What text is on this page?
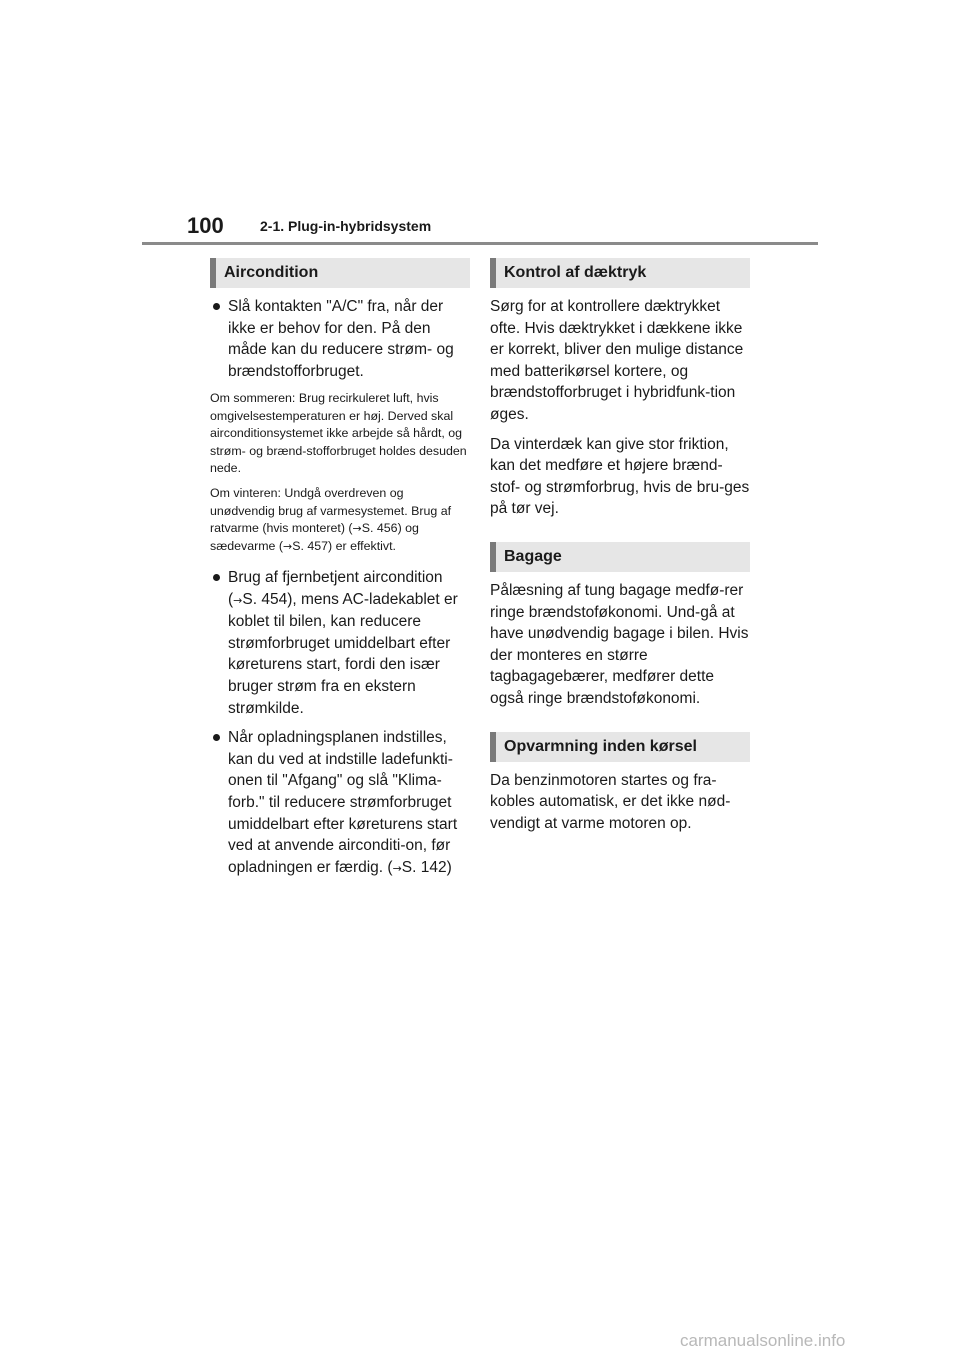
100	2-1. Plug-in-hybridsystem
Aircondition
Slå kontakten "A/C" fra, når der ikke er behov for den. På den måde kan du reducere strøm- og brændstofforbruget.
Om sommeren: Brug recirkuleret luft, hvis omgivelsestemperaturen er høj. Derved skal airconditionsystemet ikke arbejde så hårdt, og strøm- og brænd-stofforbruget holdes desuden nede.
Om vinteren: Undgå overdreven og unødvendig brug af varmesystemet. Brug af ratvarme (hvis monteret) (→S. 456) og sædevarme (→S. 457) er effektivt.
Brug af fjernbetjent aircondition (→S. 454), mens AC-ladekablet er koblet til bilen, kan reducere strømforbruget umiddelbart efter køreturens start, fordi den især bruger strøm fra en ekstern strømkilde.
Når opladningsplanen indstilles, kan du ved at indstille ladefunkti-onen til "Afgang" og slå "Klima-forb." til reducere strømforbruget umiddelbart efter køreturens start ved at anvende airconditi-on, før opladningen er færdig. (→S. 142)
Kontrol af dæktryk
Sørg for at kontrollere dæktrykket ofte. Hvis dæktrykket i dækkene ikke er korrekt, bliver den mulige distance med batterikørsel kortere, og brændstofforbruget i hybridfunk-tion øges.
Da vinterdæk kan give stor friktion, kan det medføre et højere brænd-stof- og strømforbrug, hvis de bru-ges på tør vej.
Bagage
Pålæsning af tung bagage medfø-rer ringe brændstoføkonomi. Und-gå at have unødvendig bagage i bilen. Hvis der monteres en større tagbagagebærer, medfører dette også ringe brændstoføkonomi.
Opvarmning inden kørsel
Da benzinmotoren startes og fra-kobles automatisk, er det ikke nød-vendigt at varme motoren op.
carmanualsonline.info
